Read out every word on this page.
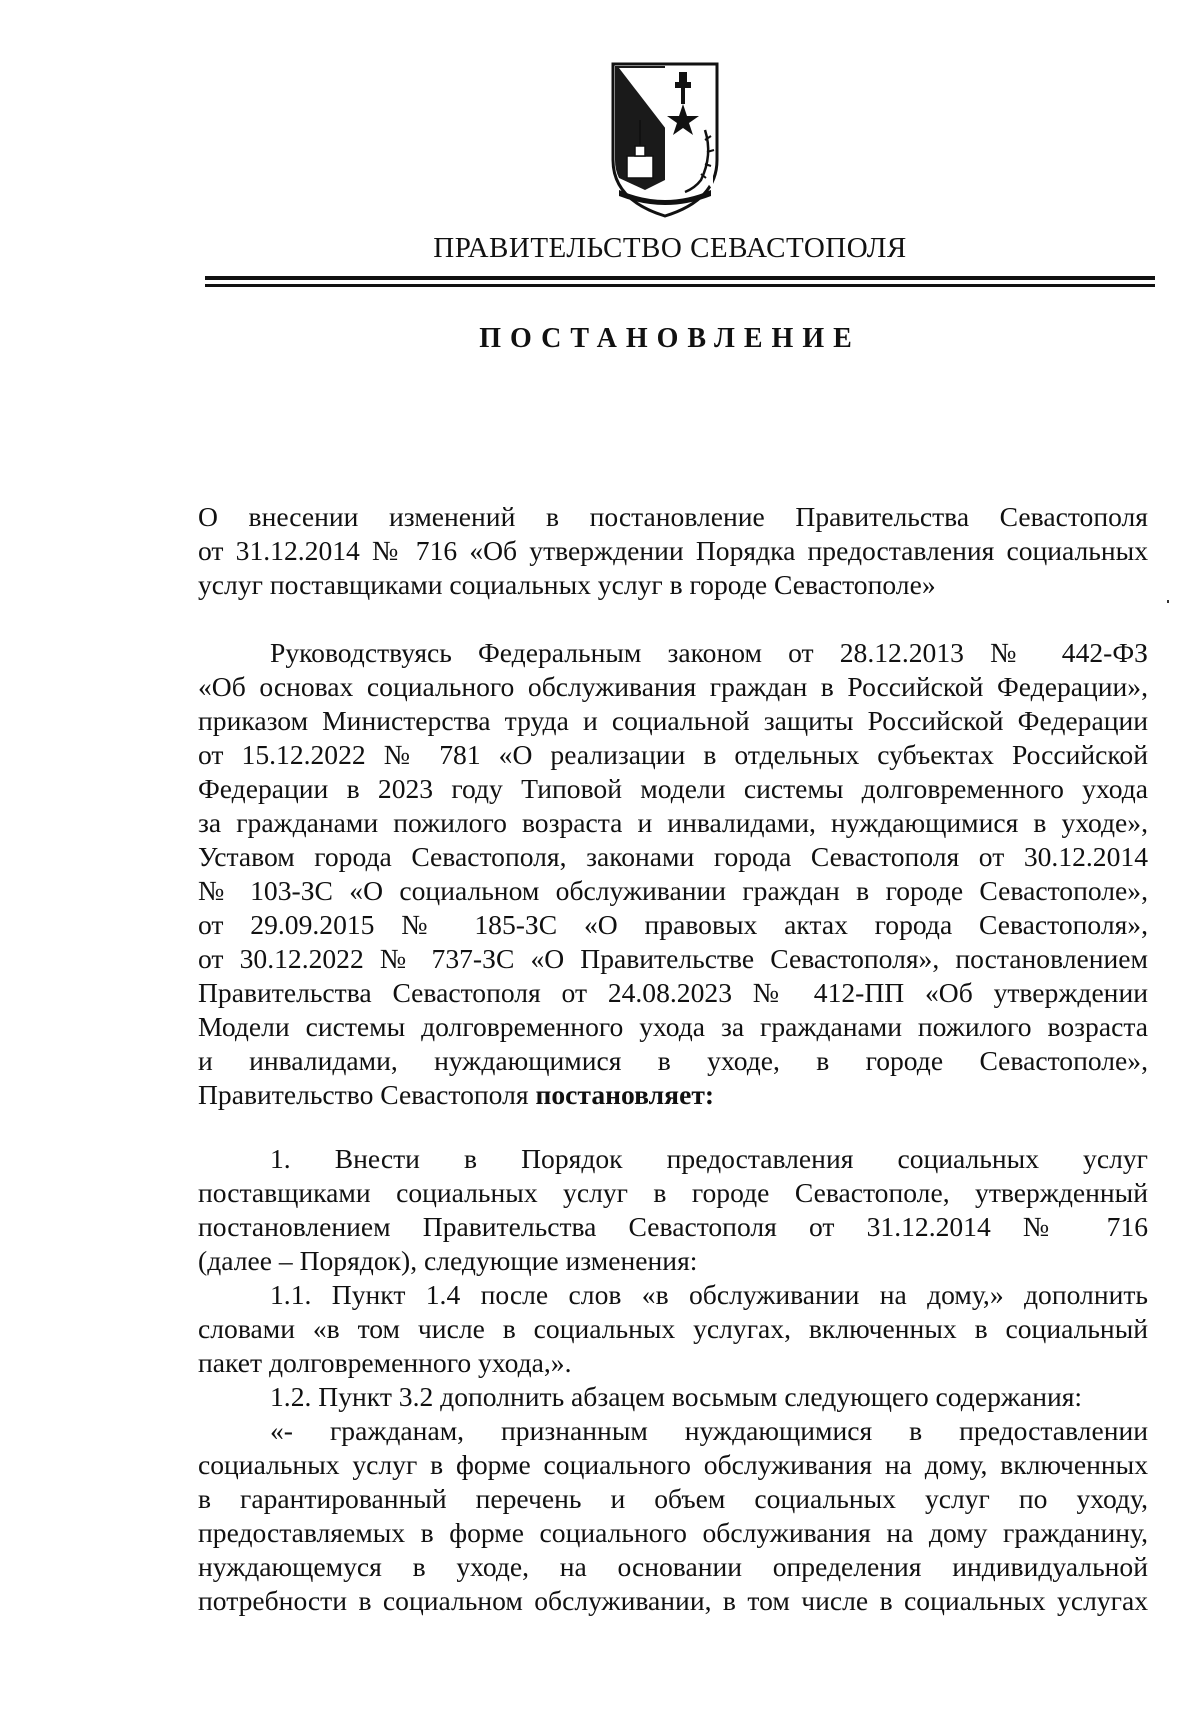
ПРАВИТЕЛЬСТВО СЕВАСТОПОЛЯ
ПОСТАНОВЛЕНИЕ
О внесении изменений в постановление Правительства Севастополя
от 31.12.2014 № 716 «Об утверждении Порядка предоставления социальных
услуг поставщиками социальных услуг в городе Севастополе»
Руководствуясь Федеральным законом от 28.12.2013 № 442-ФЗ
«Об основах социального обслуживания граждан в Российской Федерации»,
приказом Министерства труда и социальной защиты Российской Федерации
от 15.12.2022 № 781 «О реализации в отдельных субъектах Российской
Федерации в 2023 году Типовой модели системы долговременного ухода
за гражданами пожилого возраста и инвалидами, нуждающимися в уходе»,
Уставом города Севастополя, законами города Севастополя от 30.12.2014
№ 103-ЗС «О социальном обслуживании граждан в городе Севастополе»,
от 29.09.2015 № 185-ЗС «О правовых актах города Севастополя»,
от 30.12.2022 № 737-ЗС «О Правительстве Севастополя», постановлением
Правительства Севастополя от 24.08.2023 № 412-ПП «Об утверждении
Модели системы долговременного ухода за гражданами пожилого возраста
и инвалидами, нуждающимися в уходе, в городе Севастополе»,
Правительство Севастополя постановляет:
1. Внести в Порядок предоставления социальных услуг
поставщиками социальных услуг в городе Севастополе, утвержденный
постановлением Правительства Севастополя от 31.12.2014 № 716
(далее – Порядок), следующие изменения:
1.1. Пункт 1.4 после слов «в обслуживании на дому,» дополнить
словами «в том числе в социальных услугах, включенных в социальный
пакет долговременного ухода,».
1.2. Пункт 3.2 дополнить абзацем восьмым следующего содержания:
«- гражданам, признанным нуждающимися в предоставлении
социальных услуг в форме социального обслуживания на дому, включенных
в гарантированный перечень и объем социальных услуг по уходу,
предоставляемых в форме социального обслуживания на дому гражданину,
нуждающемуся в уходе, на основании определения индивидуальной
потребности в социальном обслуживании, в том числе в социальных услугах
